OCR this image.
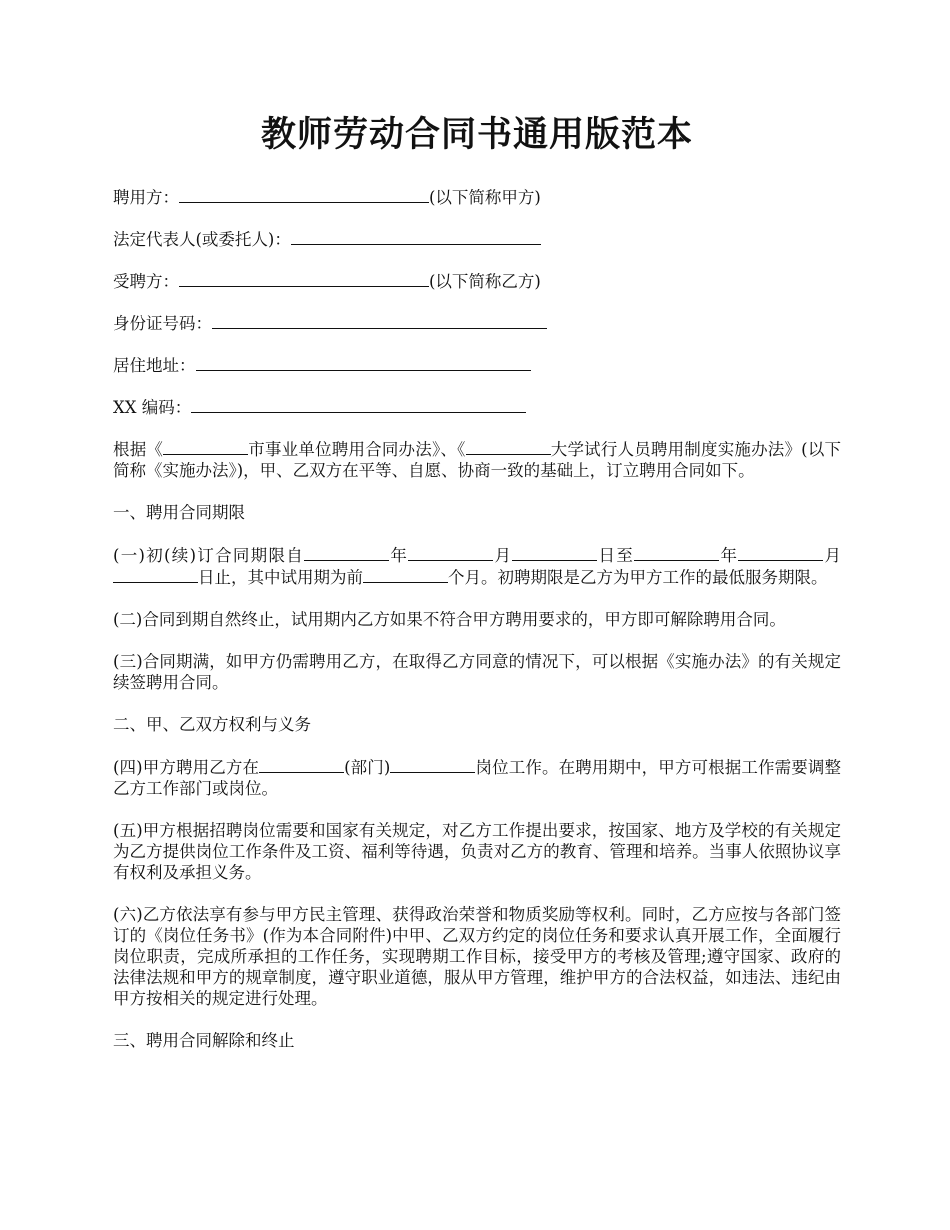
教师劳动合同书通用版范本
聘用方：	(以下简称甲方)
法定代表人(或委托人)：
受聘方：	(以下简称乙方)
身份证号码：
居住地址：
XX 编码：
根据《	市事业单位聘用合同办法》、《	大学试行人员聘用制度实施办法》(以下简称《实施办法》)，甲、乙双方在平等、自愿、协商一致的基础上，订立聘用合同如下。
一、聘用合同期限
(一)初(续)订合同期限自	年	月	日至	年	月日止，其中试用期为前	个月。初聘期限是乙方为甲方工作的最低服务期限。
(二)合同到期自然终止，试用期内乙方如果不符合甲方聘用要求的，甲方即可解除聘用合同。
(三)合同期满，如甲方仍需聘用乙方，在取得乙方同意的情况下，可以根据《实施办法》的有关规定续签聘用合同。
二、甲、乙双方权利与义务
(四)甲方聘用乙方在	(部门)	岗位工作。在聘用期中，甲方可根据工作需要调整乙方工作部门或岗位。
(五)甲方根据招聘岗位需要和国家有关规定，对乙方工作提出要求，按国家、地方及学校的有关规定为乙方提供岗位工作条件及工资、福利等待遇，负责对乙方的教育、管理和培养。当事人依照协议享有权利及承担义务。
(六)乙方依法享有参与甲方民主管理、获得政治荣誉和物质奖励等权利。同时，乙方应按与各部门签订的《岗位任务书》(作为本合同附件)中甲、乙双方约定的岗位任务和要求认真开展工作，全面履行岗位职责，完成所承担的工作任务，实现聘期工作目标，接受甲方的考核及管理;遵守国家、政府的法律法规和甲方的规章制度，遵守职业道德，服从甲方管理，维护甲方的合法权益，如违法、违纪由甲方按相关的规定进行处理。
三、聘用合同解除和终止
